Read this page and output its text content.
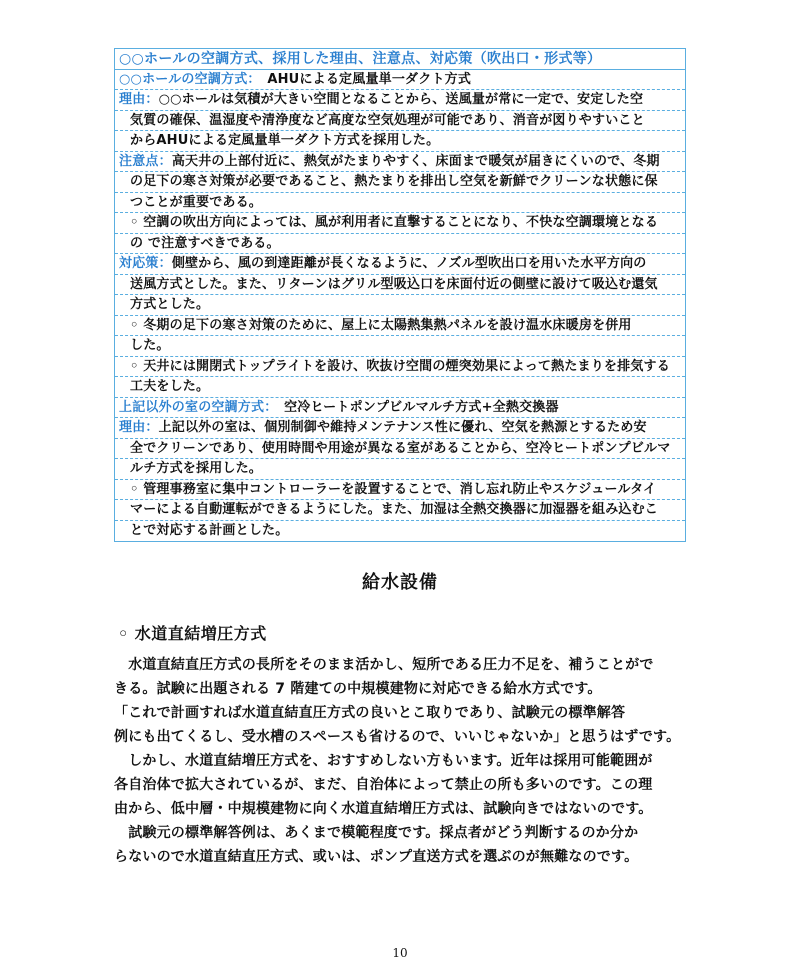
○○ホールの空調方式、採用した理由、注意点、対応策（吹出口・形式等）
○○ホールの空調方式：　AHUによる定風量単一ダクト方式
理由：○○ホールは気積が大きい空間となることから、送風量が常に一定で、安定した空
気質の確保、温湿度や清浄度など高度な空気処理が可能であり、消音が図りやすいこと
からAHUによる定風量単一ダクト方式を採用した。
注意点：高天井の上部付近に、熱気がたまりやすく、床面まで暖気が届きにくいので、冬期
の足下の寒さ対策が必要であること、熱たまりを排出し空気を新鮮でクリーンな状態に保
つことが重要である。
◦ 空調の吹出方向によっては、風が利用者に直撃することになり、不快な空調環境となる
の で注意すべきである。
対応策：側壁から、風の到達距離が長くなるように、ノズル型吹出口を用いた水平方向の
送風方式とした。また、リターンはグリル型吸込口を床面付近の側壁に設けて吸込む還気
方式とした。
◦ 冬期の足下の寒さ対策のために、屋上に太陽熱集熱パネルを設け温水床暖房を併用
した。
◦ 天井には開閉式トップライトを設け、吹抜け空間の煙突効果によって熱たまりを排気する
工夫をした。
上記以外の室の空調方式：　空冷ヒートポンプビルマルチ方式+全熱交換器
理由：上記以外の室は、個別制御や維持メンテナンス性に優れ、空気を熱源とするため安
全でクリーンであり、使用時間や用途が異なる室があることから、空冷ヒートポンプビルマ
ルチ方式を採用した。
◦ 管理事務室に集中コントローラーを設置することで、消し忘れ防止やスケジュールタイ
マーによる自動運転ができるようにした。また、加湿は全熱交換器に加湿器を組み込むこ
とで対応する計画とした。
給水設備
◦ 水道直結増圧方式
　水道直結直圧方式の長所をそのまま活かし、短所である圧力不足を、補うことがで
きる。試験に出題される 7 階建ての中規模建物に対応できる給水方式です。
「これで計画すれば水道直結直圧方式の良いとこ取りであり、試験元の標準解答
例にも出てくるし、受水槽のスペースも省けるので、いいじゃないか」と思うはずです。
　しかし、水道直結増圧方式を、おすすめしない方もいます。近年は採用可能範囲が
各自治体で拡大されているが、まだ、自治体によって禁止の所も多いのです。この理
由から、低中層・中規模建物に向く水道直結増圧方式は、試験向きではないのです。
　試験元の標準解答例は、あくまで模範程度です。採点者がどう判断するのか分か
らないので水道直結直圧方式、或いは、ポンプ直送方式を選ぶのが無難なのです。
10
